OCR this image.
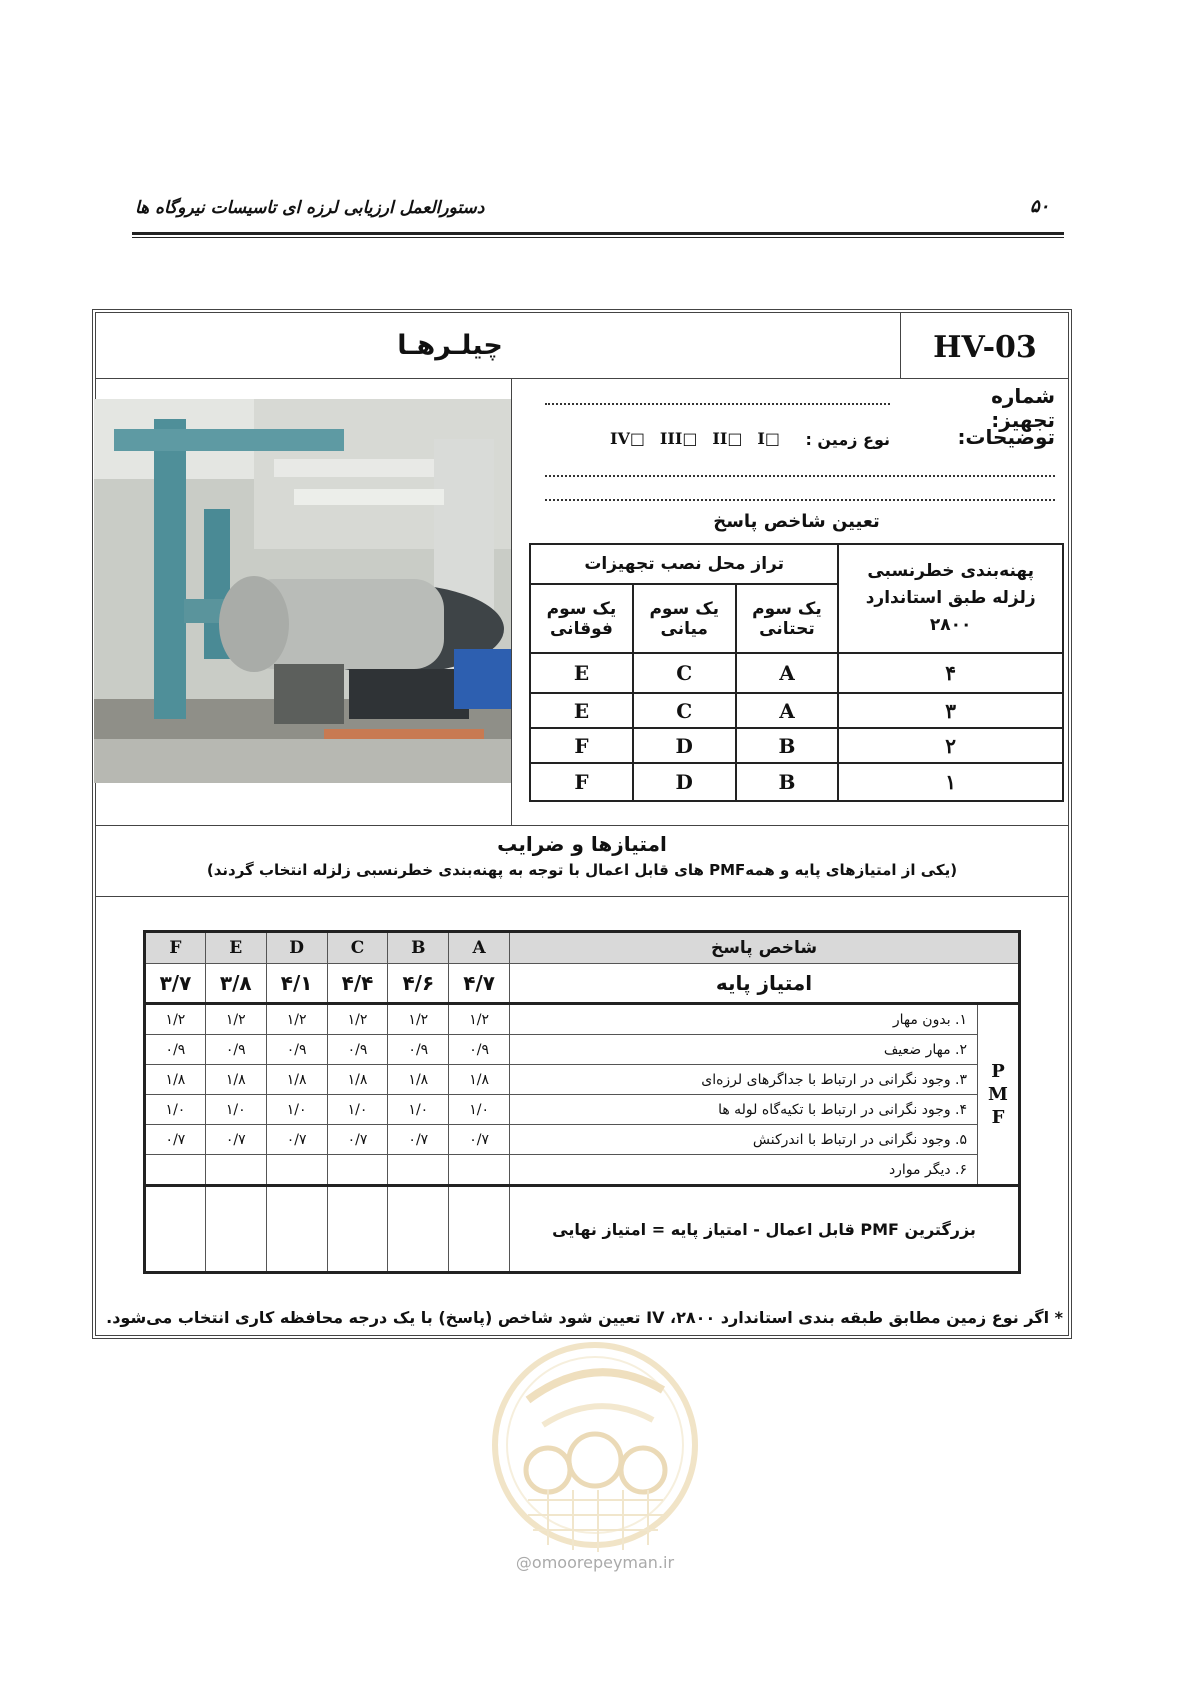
دستورالعمل ارزیابی لرزه ای تاسیسات نیروگاه ها	۵۰
HV-03
چیلـرهـا
شماره تجهیز:
توضیحات:
نوع زمین :
IV□ III□ II□ I□
تعیین شاخص پاسخ
تراز محل نصب تجهیزات			پهنه‌بندی خطرنسبی زلزله طبق استاندارد ۲۸۰۰
یک سوم فوقانی	یک سوم میانی	یک سوم تحتانی	
E	C	A	۴
E	C	A	۳
F	D	B	۲
F	D	B	۱
امتیازها و ضرایب
(یکی از امتیازهای پایه و همهPMF های قابل اعمال با توجه به پهنه‌بندی خطرنسبی زلزله انتخاب گردند)
F	E	D	C	B	A	شاخص پاسخ	
۳/۷	۳/۸	۴/۱	۴/۴	۴/۶	۴/۷	امتیاز پایه	
۱/۲	۱/۲	۱/۲	۱/۲	۱/۲	۱/۲	۱. بدون مهار	P
M
F

۰/۹	۰/۹	۰/۹	۰/۹	۰/۹	۰/۹	۲. مهار ضعیف	
۱/۸	۱/۸	۱/۸	۱/۸	۱/۸	۱/۸	۳. وجود نگرانی در ارتباط با جداگرهای لرزه‌ای	
۱/۰	۱/۰	۱/۰	۱/۰	۱/۰	۱/۰	۴. وجود نگرانی در ارتباط با تکیه‌گاه لوله ها	
۰/۷	۰/۷	۰/۷	۰/۷	۰/۷	۰/۷	۵. وجود نگرانی در ارتباط با اندرکنش	
						۶. دیگر موارد	
						بزرگترین PMF قابل اعمال - امتیاز پایه = امتیاز نهایی	
* اگر نوع زمین مطابق طبقه بندی استاندارد ۲۸۰۰، IV تعیین شود شاخص (پاسخ) با یک درجه محافظه کاری انتخاب می‌شود.
@omoorepeyman.ir
